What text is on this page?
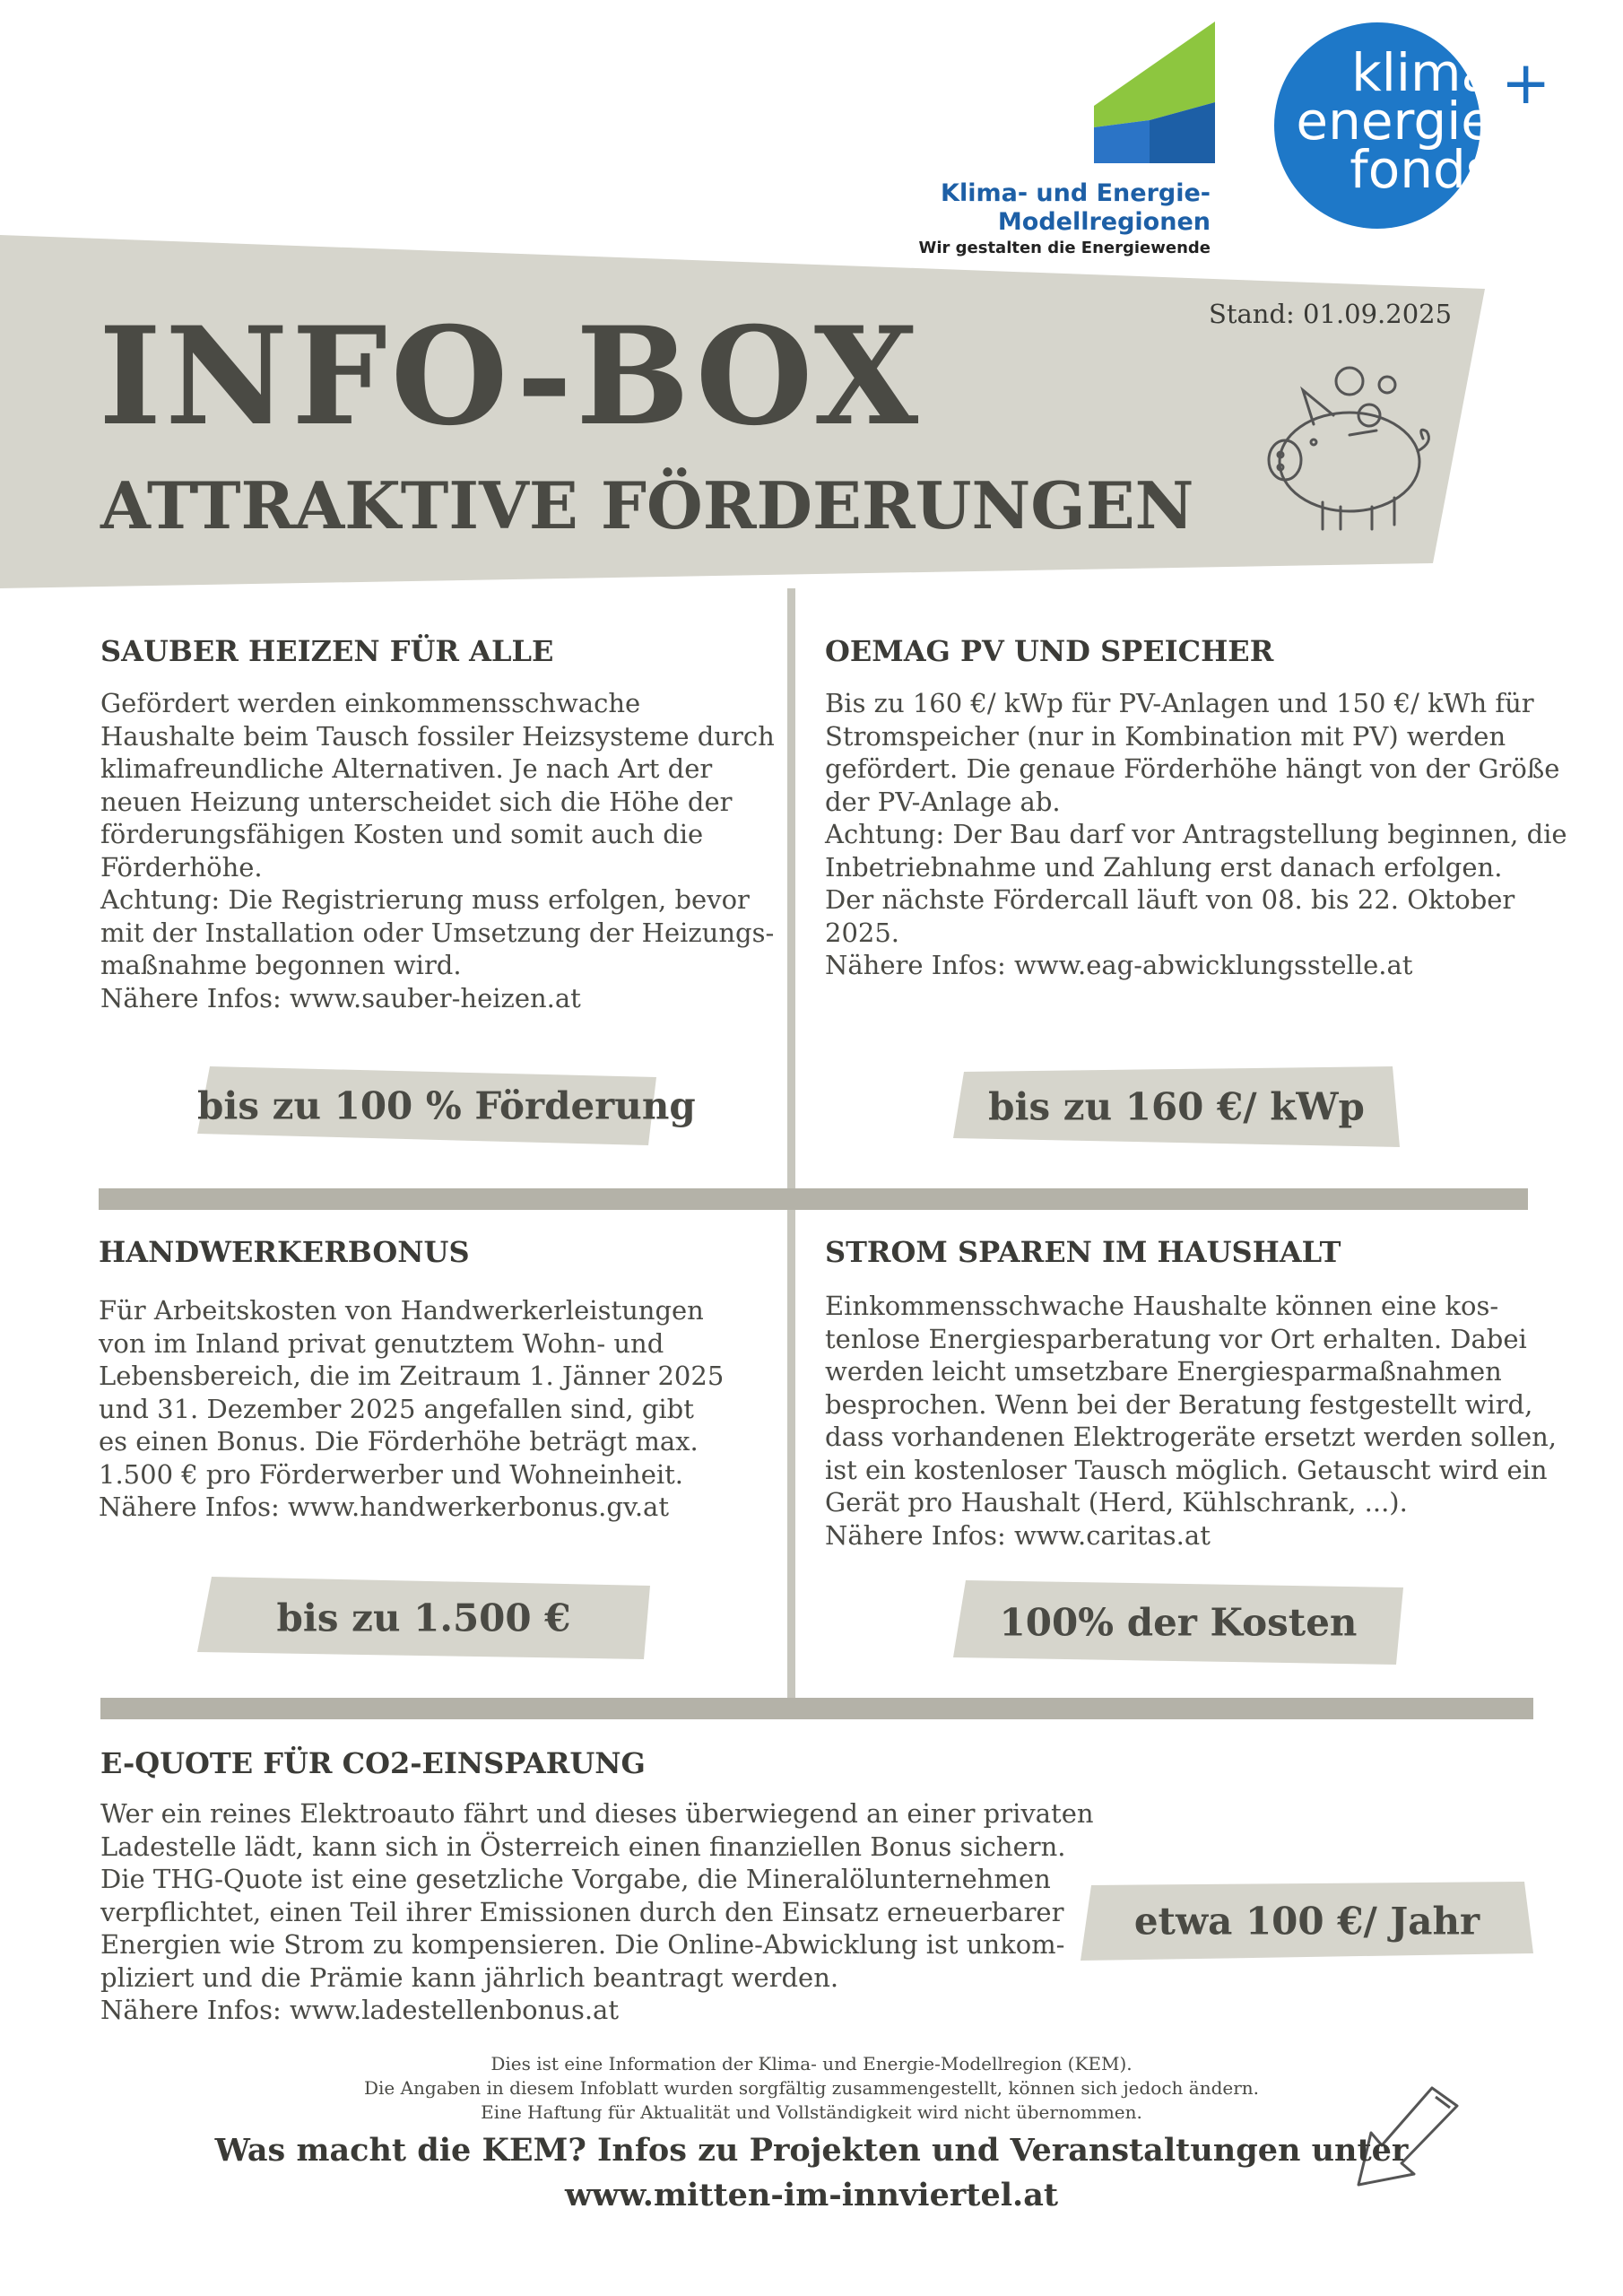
Klima- und Energie-
Modellregionen
Wir gestalten die Energiewende
klima
energie
fonds
+
Stand: 01.09.2025
INFO-BOX
ATTRAKTIVE FÖRDERUNGEN
SAUBER HEIZEN FÜR ALLE
Gefördert werden einkommensschwache
Haushalte beim Tausch fossiler Heizsysteme durch
klimafreundliche Alternativen. Je nach Art der
neuen Heizung unterscheidet sich die Höhe der
förderungsfähigen Kosten und somit auch die
Förderhöhe.
Achtung: Die Registrierung muss erfolgen, bevor
mit der Installation oder Umsetzung der Heizungs-
maßnahme begonnen wird.
Nähere Infos: www.sauber-heizen.at
bis zu 100 % Förderung
OEMAG PV UND SPEICHER
Bis zu 160 €/ kWp für PV-Anlagen und 150 €/ kWh für
Stromspeicher (nur in Kombination mit PV) werden
gefördert. Die genaue Förderhöhe hängt von der Größe
der PV-Anlage ab.
Achtung: Der Bau darf vor Antragstellung beginnen, die
Inbetriebnahme und Zahlung erst danach erfolgen.
Der nächste Fördercall läuft von 08. bis 22. Oktober
2025.
Nähere Infos: www.eag-abwicklungsstelle.at
bis zu 160 €/ kWp
HANDWERKERBONUS
Für Arbeitskosten von Handwerkerleistungen
von im Inland privat genutztem Wohn- und
Lebensbereich, die im Zeitraum 1. Jänner 2025
und 31. Dezember 2025 angefallen sind, gibt
es einen Bonus. Die Förderhöhe beträgt max.
1.500 € pro Förderwerber und Wohneinheit.
Nähere Infos: www.handwerkerbonus.gv.at
bis zu 1.500 €
STROM SPAREN IM HAUSHALT
Einkommensschwache Haushalte können eine kos-
tenlose Energiesparberatung vor Ort erhalten. Dabei
werden leicht umsetzbare Energiesparmaßnahmen
besprochen. Wenn bei der Beratung festgestellt wird,
dass vorhandenen Elektrogeräte ersetzt werden sollen,
ist ein kostenloser Tausch möglich. Getauscht wird ein
Gerät pro Haushalt (Herd, Kühlschrank, ...).
Nähere Infos: www.caritas.at
100% der Kosten
E-QUOTE FÜR CO2-EINSPARUNG
Wer ein reines Elektroauto fährt und dieses überwiegend an einer privaten
Ladestelle lädt, kann sich in Österreich einen finanziellen Bonus sichern.
Die THG-Quote ist eine gesetzliche Vorgabe, die Mineralölunternehmen
verpflichtet, einen Teil ihrer Emissionen durch den Einsatz erneuerbarer
Energien wie Strom zu kompensieren. Die Online-Abwicklung ist unkom-
pliziert und die Prämie kann jährlich beantragt werden.
Nähere Infos: www.ladestellenbonus.at
etwa 100 €/ Jahr
Dies ist eine Information der Klima- und Energie-Modellregion (KEM).
Die Angaben in diesem Infoblatt wurden sorgfältig zusammengestellt, können sich jedoch ändern.
Eine Haftung für Aktualität und Vollständigkeit wird nicht übernommen.
Was macht die KEM? Infos zu Projekten und Veranstaltungen unter
www.mitten-im-innviertel.at
